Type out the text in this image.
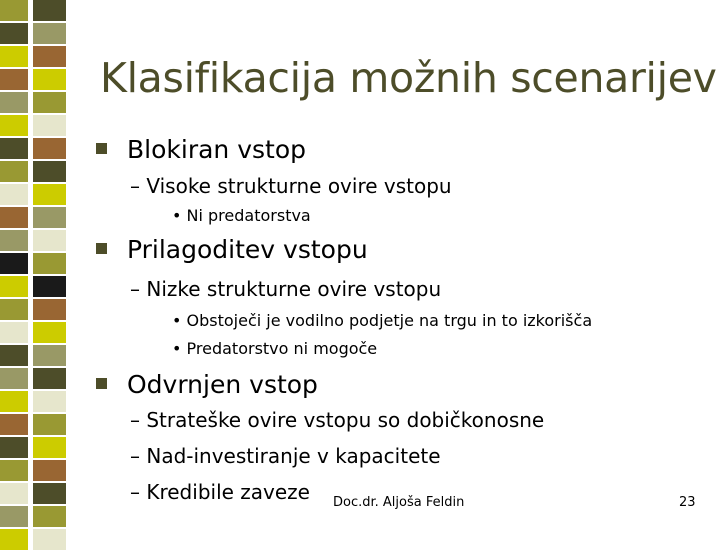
Klasifikacija možnih scenarijev
Blokiran vstop
– Visoke strukturne ovire vstopu
• Ni predatorstva
Prilagoditev vstopu
– Nizke strukturne ovire vstopu
• Obstoječi je vodilno podjetje na trgu in to izkorišča
• Predatorstvo ni mogoče
Odvrnjen vstop
– Strateške ovire vstopu so dobičkonosne
– Nad-investiranje v kapacitete
– Kredibile zaveze Doc.dr. Aljoša Feldin	23
